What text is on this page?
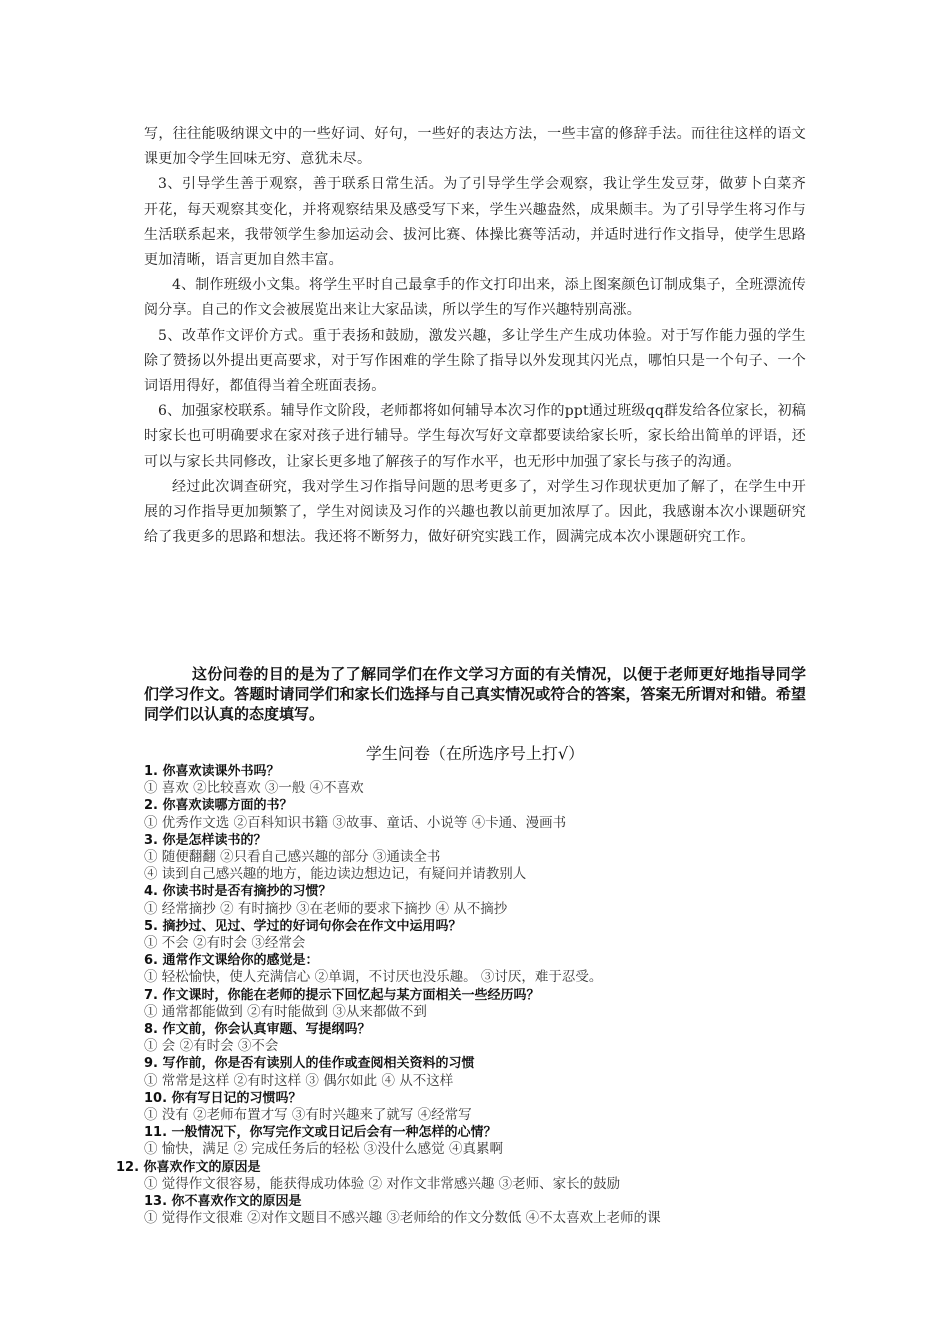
写，往往能吸纳课文中的一些好词、好句，一些好的表达方法，一些丰富的修辞手法。而往往这样的语文课更加令学生回味无穷、意犹未尽。

3、引导学生善于观察，善于联系日常生活。为了引导学生学会观察，我让学生发豆芽，做萝卜白菜齐开花，每天观察其变化，并将观察结果及感受写下来，学生兴趣盎然，成果颇丰。为了引导学生将习作与生活联系起来，我带领学生参加运动会、拔河比赛、体操比赛等活动，并适时进行作文指导，使学生思路更加清晰，语言更加自然丰富。

4、制作班级小文集。将学生平时自己最拿手的作文打印出来，添上图案颜色订制成集子，全班漂流传阅分享。自己的作文会被展览出来让大家品读，所以学生的写作兴趣特别高涨。

5、改革作文评价方式。重于表扬和鼓励，激发兴趣，多让学生产生成功体验。对于写作能力强的学生除了赞扬以外提出更高要求，对于写作困难的学生除了指导以外发现其闪光点，哪怕只是一个句子、一个词语用得好，都值得当着全班面表扬。

6、加强家校联系。辅导作文阶段，老师都将如何辅导本次习作的ppt通过班级qq群发给各位家长，初稿时家长也可明确要求在家对孩子进行辅导。学生每次写好文章都要读给家长听，家长给出简单的评语，还可以与家长共同修改，让家长更多地了解孩子的写作水平，也无形中加强了家长与孩子的沟通。

经过此次调查研究，我对学生习作指导问题的思考更多了，对学生习作现状更加了解了，在学生中开展的习作指导更加频繁了，学生对阅读及习作的兴趣也教以前更加浓厚了。因此，我感谢本次小课题研究给了我更多的思路和想法。我还将不断努力，做好研究实践工作，圆满完成本次小课题研究工作。

这份问卷的目的是为了了解同学们在作文学习方面的有关情况，以便于老师更好地指导同学们学习作文。答题时请同学们和家长们选择与自己真实情况或符合的答案，答案无所谓对和错。希望同学们以认真的态度填写。

学生问卷（在所选序号上打√）
1. 你喜欢读课外书吗？
① 喜欢 ②比较喜欢 ③一般 ④不喜欢
2. 你喜欢读哪方面的书？
① 优秀作文选 ②百科知识书籍 ③故事、童话、小说等 ④卡通、漫画书
3. 你是怎样读书的？
① 随便翻翻 ②只看自己感兴趣的部分 ③通读全书
④ 读到自己感兴趣的地方，能边读边想边记，有疑问并请教别人
4. 你读书时是否有摘抄的习惯？
① 经常摘抄 ② 有时摘抄 ③在老师的要求下摘抄 ④ 从不摘抄
5. 摘抄过、见过、学过的好词句你会在作文中运用吗？
① 不会 ②有时会 ③经常会
6. 通常作文课给你的感觉是：
① 轻松愉快，使人充满信心 ②单调，不讨厌也没乐趣。 ③讨厌，难于忍受。
7. 作文课时，你能在老师的提示下回忆起与某方面相关一些经历吗？
① 通常都能做到 ②有时能做到 ③从来都做不到
8. 作文前，你会认真审题、写提纲吗？
① 会 ②有时会 ③不会
9. 写作前，你是否有读别人的佳作或查阅相关资料的习惯
① 常常是这样 ②有时这样 ③ 偶尔如此 ④ 从不这样
10. 你有写日记的习惯吗？
① 没有 ②老师布置才写 ③有时兴趣来了就写 ④经常写
11. 一般情况下，你写完作文或日记后会有一种怎样的心情？
① 愉快，满足 ② 完成任务后的轻松 ③没什么感觉 ④真累啊
12. 你喜欢作文的原因是
① 觉得作文很容易，能获得成功体验 ② 对作文非常感兴趣 ③老师、家长的鼓励
13. 你不喜欢作文的原因是
① 觉得作文很难 ②对作文题目不感兴趣 ③老师给的作文分数低 ④不太喜欢上老师的课
